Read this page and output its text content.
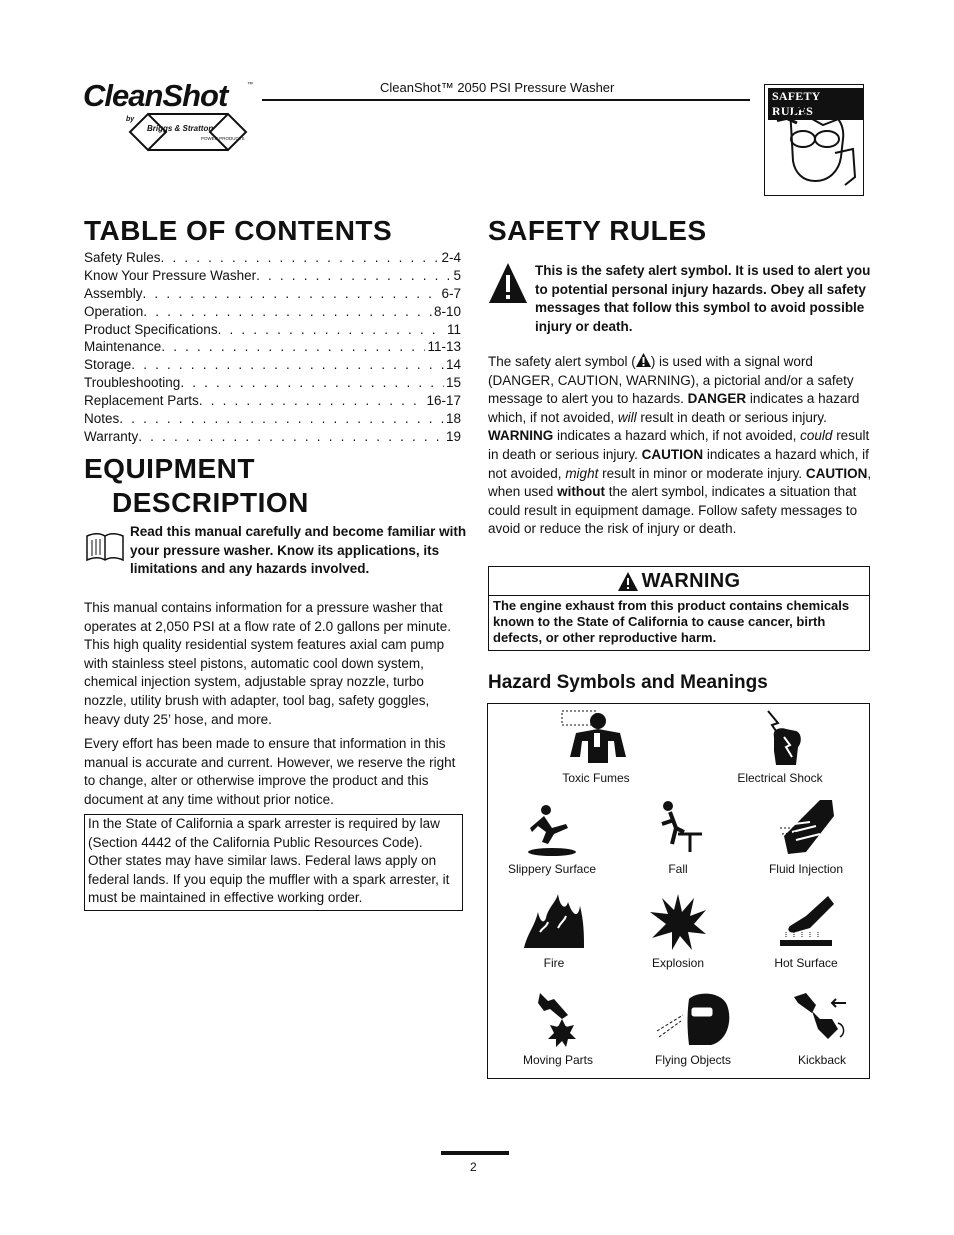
CleanShot	™
by
Briggs & Stratton
POWER PRODUCTS
CleanShot™ 2050 PSI Pressure Washer
SAFETY RULES
TABLE OF CONTENTS
Safety Rules . . .	2-4
Know Your Pressure Washer . . .	5
Assembly . . .	6-7
Operation . . .	8-10
Product Specifications . . .	11
Maintenance . . .	11-13
Storage . . .	14
Troubleshooting . . .	15
Replacement Parts . . .	16-17
Notes . . .	18
Warranty . . .	19
EQUIPMENT
DESCRIPTION
Read this manual carefully and become familiar with your pressure washer. Know its applications, its limitations and any hazards involved.
This manual contains information for a pressure washer that operates at 2,050 PSI at a flow rate of 2.0 gallons per minute. This high quality residential system features axial cam pump with stainless steel pistons, automatic cool down system, chemical injection system, adjustable spray nozzle, turbo nozzle, utility brush with adapter, tool bag, safety goggles, heavy duty 25’ hose, and more.
Every effort has been made to ensure that information in this manual is accurate and current. However, we reserve the right to change, alter or otherwise improve the product and this document at any time without prior notice.
In the State of California a spark arrester is required by law (Section 4442 of the California Public Resources Code). Other states may have similar laws. Federal laws apply on federal lands. If you equip the muffler with a spark arrester, it must be maintained in effective working order.
SAFETY RULES
This is the safety alert symbol. It is used to alert you to potential personal injury hazards. Obey all safety messages that follow this symbol to avoid possible injury or death.
The safety alert symbol ( ) is used with a signal word (DANGER, CAUTION, WARNING), a pictorial and/or a safety message to alert you to hazards. DANGER indicates a hazard which, if not avoided, will result in death or serious injury. WARNING indicates a hazard which, if not avoided, could result in death or serious injury. CAUTION indicates a hazard which, if not avoided, might result in minor or moderate injury. CAUTION, when used without the alert symbol, indicates a situation that could result in equipment damage. Follow safety messages to avoid or reduce the risk of injury or death.
WARNING
The engine exhaust from this product contains chemicals known to the State of California to cause cancer, birth defects, or other reproductive harm.
Hazard Symbols and Meanings
Toxic Fumes	Electrical Shock
Slippery Surface	Fall	Fluid Injection
Fire	Explosion	Hot Surface
Moving Parts	Flying Objects	Kickback
2
